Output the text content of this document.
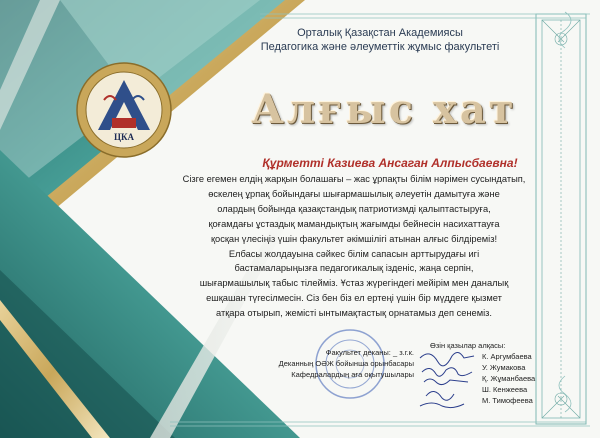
ЦКА
Орталық Қазақстан Академиясы
Педагогика және әлеуметтік жұмыс факультеті
Алғыс хат
Құрметті Казиева Ансаган Алпысбаевна!

Сізге егемен елдің жарқын болашағы – жас ұрпақты білім нәрімен сусындатып,

өскелең ұрпақ бойындағы шығармашылық әлеуетін дамытуға және

олардың бойында қазақстандық патриотизмді қалыптастыруға,

қоғамдағы ұстаздық мамандықтың жағымды бейнесін насихаттауға

қосқан үлесіңіз үшін факультет әкімшілігі атынан алғыс білдіреміз!

Елбасы жолдауына сәйкес білім сапасын арттырудағы игі

бастамаларыңызға педагогикалық ізденіс, жаңа серпін,

шығармашылық табыс тілейміз. Ұстаз жүрегіндегі мейірім мен даналық

ешқашан түгесілмесін. Сіз бен біз ел ертеңі үшін бір мүддеге қызмет

атқара отырып, жемісті ынтымақтастық орнатамыз деп сенеміз.

Өзін қазылар алқасы:
Факультет деканы: _ з.г.к.
Деканның ОӘЖ бойынша орынбасары
Кафедралардың аға оқытушылары
К. Аргумбаева
У. Жумакова
Қ. Жұманбаева
Ш. Кенжеева
М. Тимофеева
